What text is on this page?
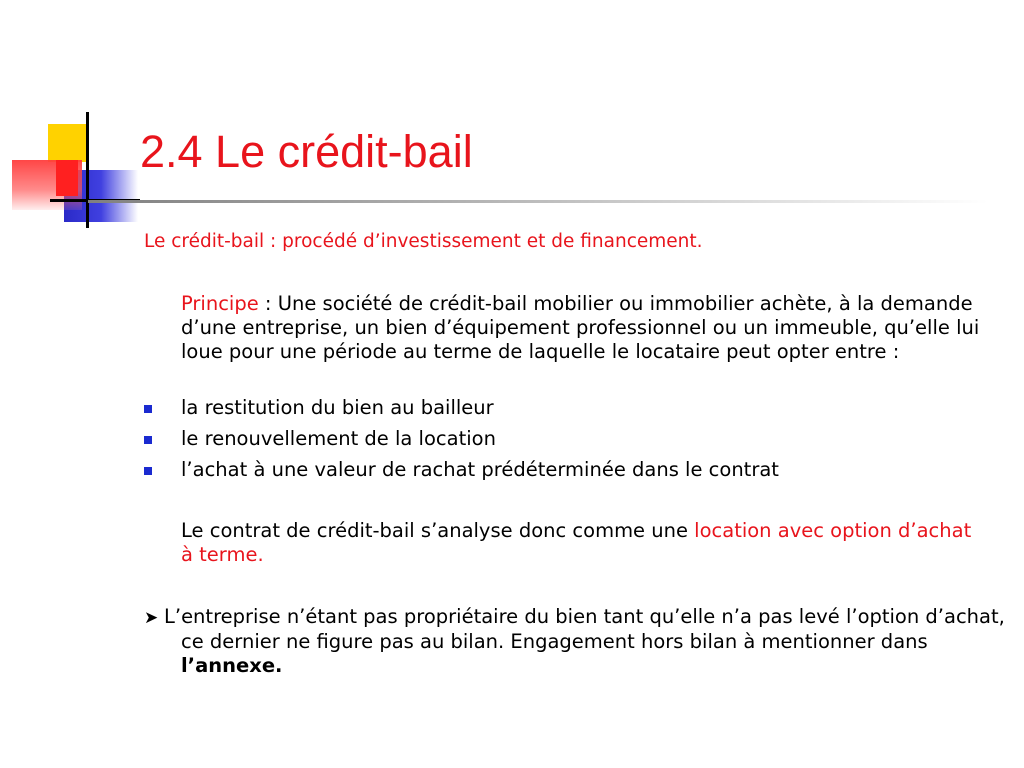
2.4 Le crédit-bail
Le crédit-bail : procédé d’investissement et de financement.
Principe : Une société de crédit-bail mobilier ou immobilier achète, à la demande d’une entreprise, un bien d’équipement professionnel ou un immeuble, qu’elle lui loue pour une période au terme de laquelle le locataire peut opter entre :
la restitution du bien au bailleur
le renouvellement de la location
l’achat à une valeur de rachat prédéterminée dans le contrat
Le contrat de crédit-bail s’analyse donc comme une location avec option d’achat à terme.
➤ L’entreprise n’étant pas propriétaire du bien tant qu’elle n’a pas levé l’option d’achat, ce dernier ne figure pas au bilan. Engagement hors bilan à mentionner dans l’annexe.
